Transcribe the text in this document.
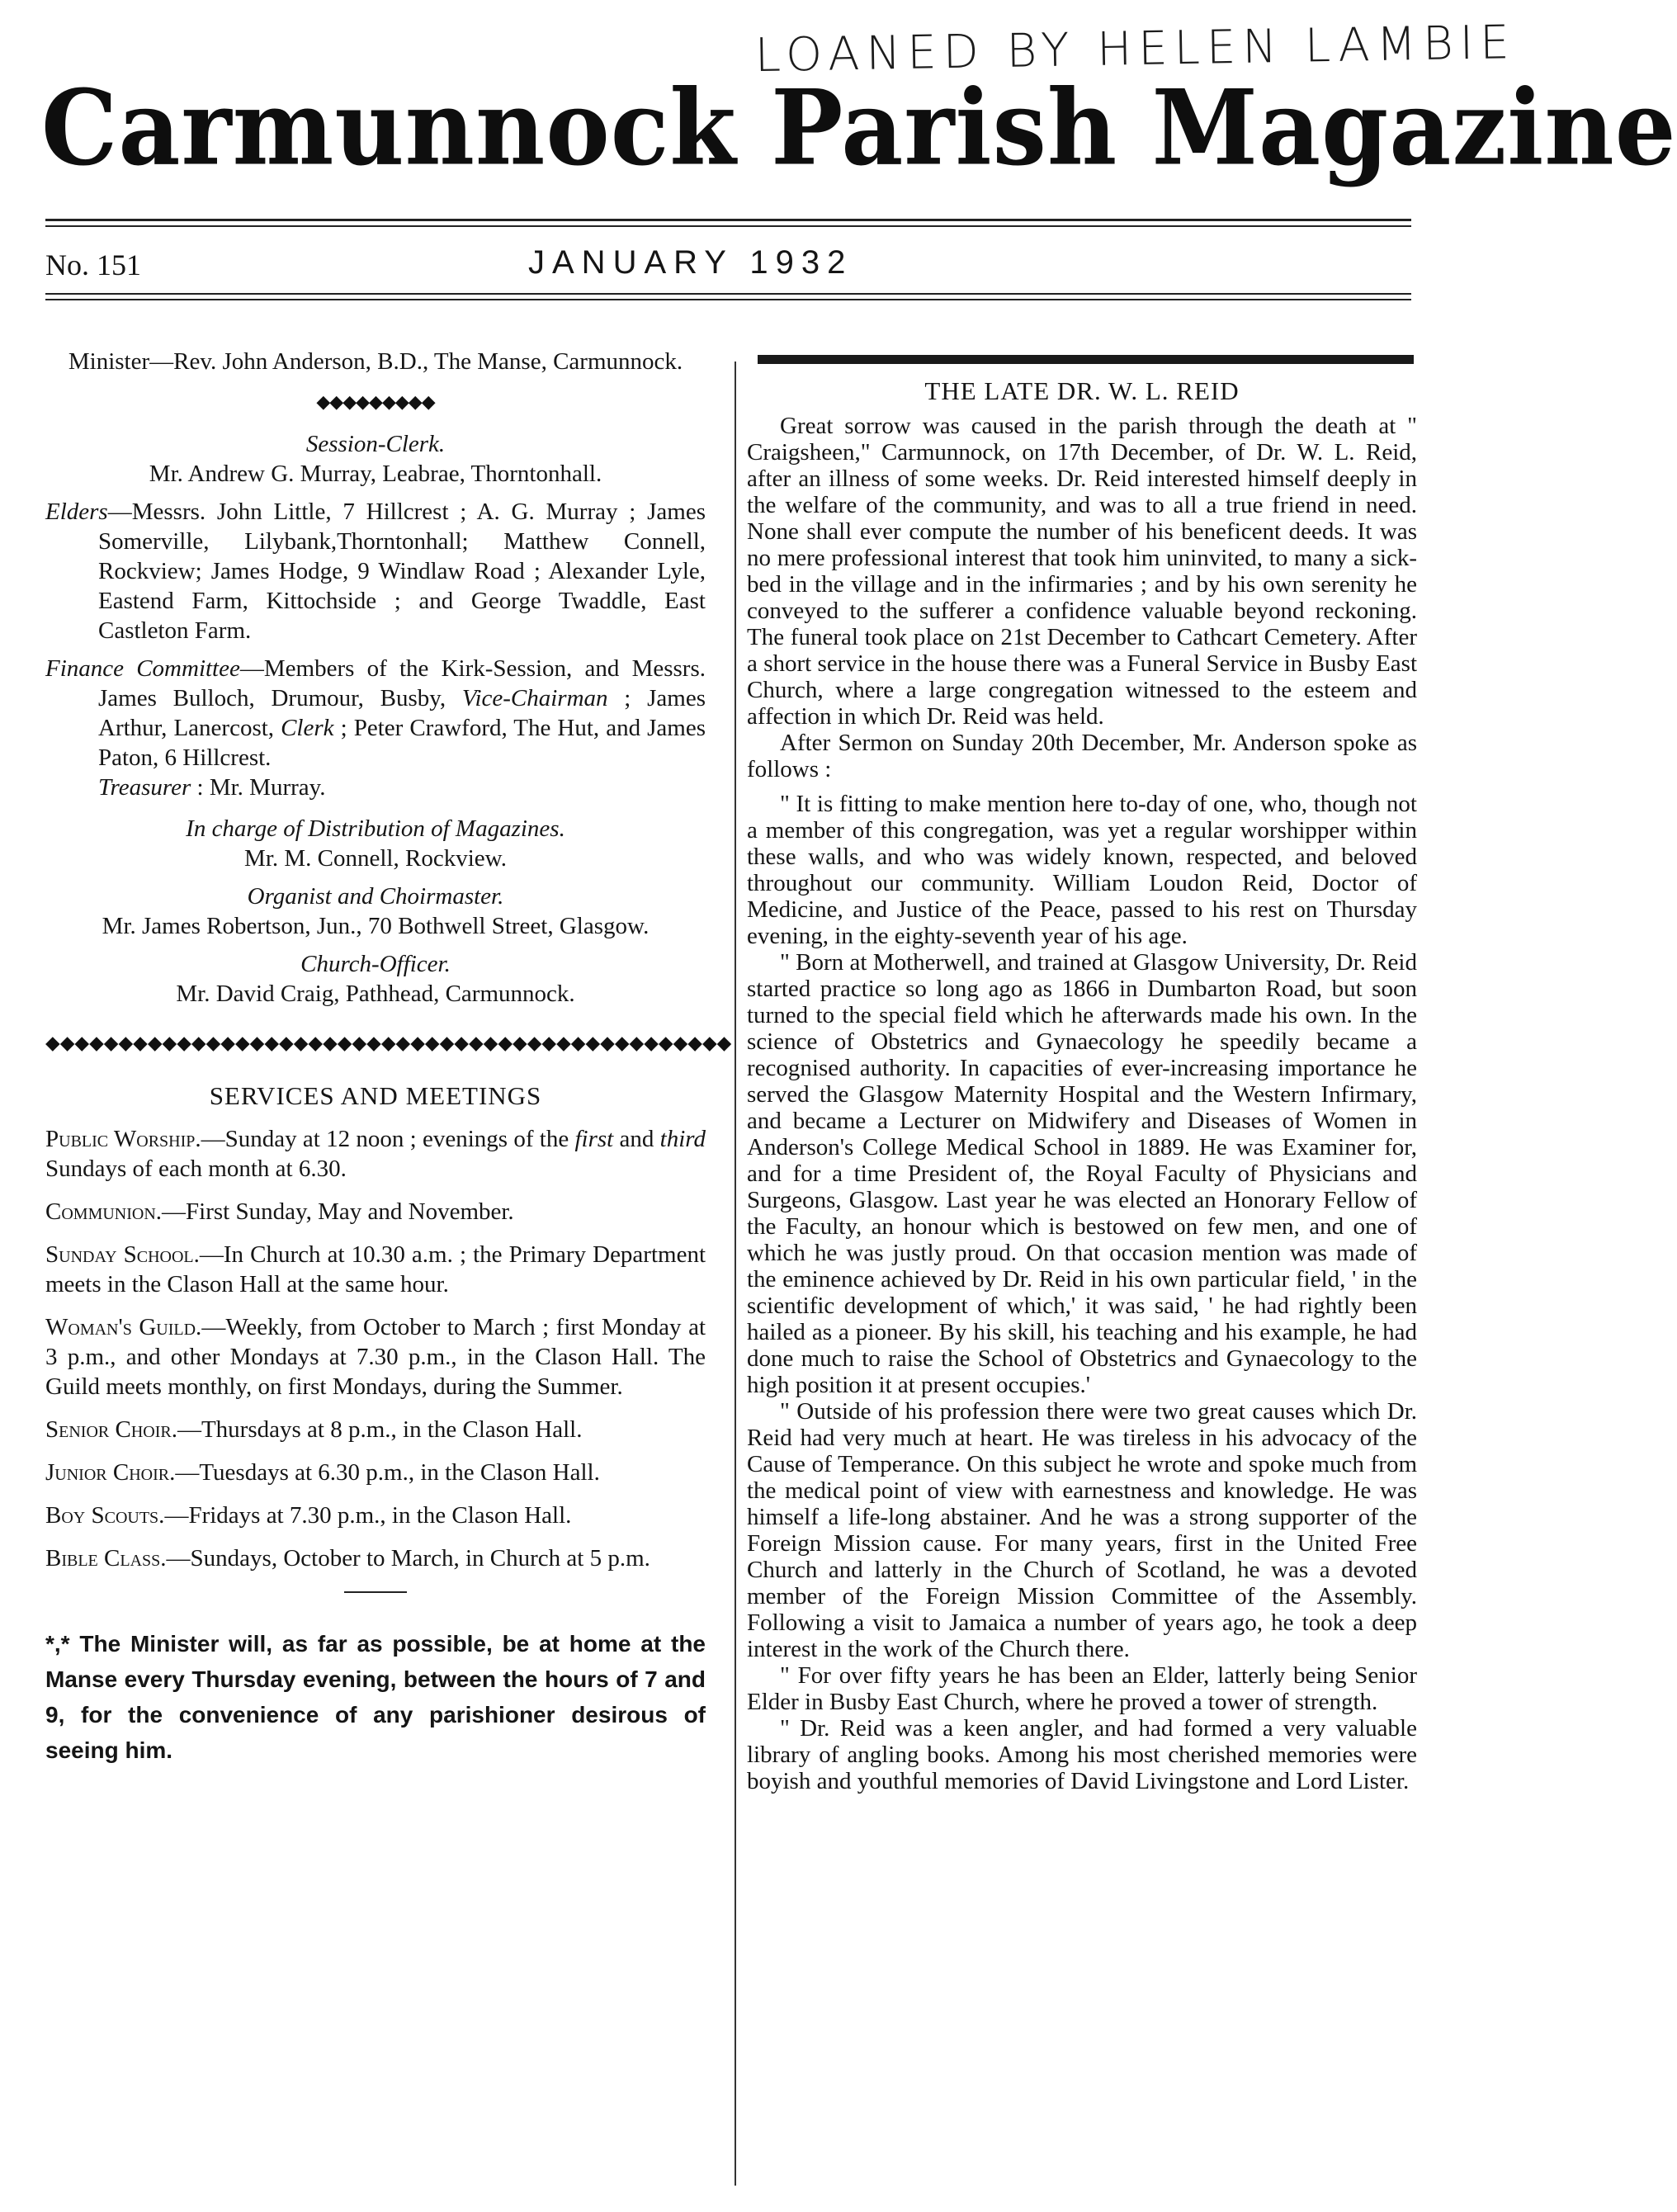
LOANED BY HELEN LAMBIE
Carmunnock Parish Magazine
No. 151	JANUARY 1932
Minister—Rev. John Anderson, B.D., The Manse, Carmunnock.
◆◆◆◆◆◆◆◆◆
Session-Clerk.
Mr. Andrew G. Murray, Leabrae, Thorntonhall.
Elders—Messrs. John Little, 7 Hillcrest ; A. G. Murray ; James Somerville, Lilybank,Thorntonhall; Matthew Connell, Rockview; James Hodge, 9 Windlaw Road ; Alexander Lyle, Eastend Farm, Kittochside ; and George Twaddle, East Castleton Farm.
Finance Committee—Members of the Kirk-Session, and Messrs. James Bulloch, Drumour, Busby, Vice-Chairman ; James Arthur, Lanercost, Clerk ; Peter Crawford, The Hut, and James Paton, 6 Hillcrest.
Treasurer : Mr. Murray.
In charge of Distribution of Magazines.
Mr. M. Connell, Rockview.
Organist and Choirmaster.
Mr. James Robertson, Jun., 70 Bothwell Street, Glasgow.
Church-Officer.
Mr. David Craig, Pathhead, Carmunnock.
◆◆◆◆◆◆◆◆◆◆◆◆◆◆◆◆◆◆◆◆◆◆◆◆◆◆◆◆◆◆◆◆◆◆◆◆◆◆◆◆◆◆◆◆◆◆◆
SERVICES AND MEETINGS
Public Worship.—Sunday at 12 noon ; evenings of the first and third Sundays of each month at 6.30.
Communion.—First Sunday, May and November.
Sunday School.—In Church at 10.30 a.m. ; the Primary Department meets in the Clason Hall at the same hour.
Woman's Guild.—Weekly, from October to March ; first Monday at 3 p.m., and other Mondays at 7.30 p.m., in the Clason Hall. The Guild meets monthly, on first Mondays, during the Summer.
Senior Choir.—Thursdays at 8 p.m., in the Clason Hall.
Junior Choir.—Tuesdays at 6.30 p.m., in the Clason Hall.
Boy Scouts.—Fridays at 7.30 p.m., in the Clason Hall.
Bible Class.—Sundays, October to March, in Church at 5 p.m.
*,* The Minister will, as far as possible, be at home at the Manse every Thursday evening, between the hours of 7 and 9, for the convenience of any parishioner desirous of seeing him.
THE LATE DR. W. L. REID

Great sorrow was caused in the parish through the death at " Craigsheen," Carmunnock, on 17th December, of Dr. W. L. Reid, after an illness of some weeks. Dr. Reid interested himself deeply in the welfare of the community, and was to all a true friend in need. None shall ever compute the number of his beneficent deeds. It was no mere professional interest that took him uninvited, to many a sick-bed in the village and in the infirmaries ; and by his own serenity he conveyed to the sufferer a confidence valuable beyond reckoning. The funeral took place on 21st December to Cathcart Cemetery. After a short service in the house there was a Funeral Service in Busby East Church, where a large congregation witnessed to the esteem and affection in which Dr. Reid was held.

After Sermon on Sunday 20th December, Mr. Anderson spoke as follows :

" It is fitting to make mention here to-day of one, who, though not a member of this congregation, was yet a regular worshipper within these walls, and who was widely known, respected, and beloved throughout our community. William Loudon Reid, Doctor of Medicine, and Justice of the Peace, passed to his rest on Thursday evening, in the eighty-seventh year of his age.

" Born at Motherwell, and trained at Glasgow University, Dr. Reid started practice so long ago as 1866 in Dumbarton Road, but soon turned to the special field which he afterwards made his own. In the science of Obstetrics and Gynaecology he speedily became a recognised authority. In capacities of ever-increasing importance he served the Glasgow Maternity Hospital and the Western Infirmary, and became a Lecturer on Midwifery and Diseases of Women in Anderson's College Medical School in 1889. He was Examiner for, and for a time President of, the Royal Faculty of Physicians and Surgeons, Glasgow. Last year he was elected an Honorary Fellow of the Faculty, an honour which is bestowed on few men, and one of which he was justly proud. On that occasion mention was made of the eminence achieved by Dr. Reid in his own particular field, ' in the scientific development of which,' it was said, ' he had rightly been hailed as a pioneer. By his skill, his teaching and his example, he had done much to raise the School of Obstetrics and Gynaecology to the high position it at present occupies.'

" Outside of his profession there were two great causes which Dr. Reid had very much at heart. He was tireless in his advocacy of the Cause of Temperance. On this subject he wrote and spoke much from the medical point of view with earnestness and knowledge. He was himself a life-long abstainer. And he was a strong supporter of the Foreign Mission cause. For many years, first in the United Free Church and latterly in the Church of Scotland, he was a devoted member of the Foreign Mission Committee of the Assembly. Following a visit to Jamaica a number of years ago, he took a deep interest in the work of the Church there.

" For over fifty years he has been an Elder, latterly being Senior Elder in Busby East Church, where he proved a tower of strength.

" Dr. Reid was a keen angler, and had formed a very valuable library of angling books. Among his most cherished memories were boyish and youthful memories of David Livingstone and Lord Lister.
